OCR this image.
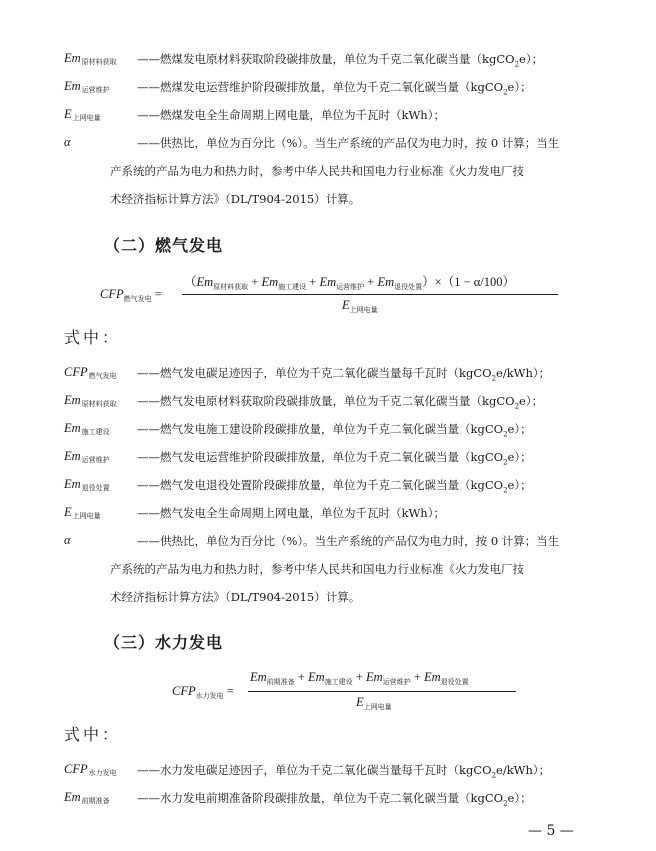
$Em_{原材料获取}$ ——燃煤发电原材料获取阶段碳排放量，单位为千克二氧化碳当量（kgCO$_2$e）；
$Em_{运营维护}$ ——燃煤发电运营维护阶段碳排放量，单位为千克二氧化碳当量（kgCO$_2$e）；
$E_{上网电量}$	——燃煤发电全生命周期上网电量，单位为千瓦时（kWh）；
α	——供热比，单位为百分比（%）。当生产系统的产品仅为电力时，按 0 计算；当生
产系统的产品为电力和热力时，参考中华人民共和国电力行业标准《火力发电厂技
术经济指标计算方法》（DL/T904-2015）计算。
（二）燃气发电
$CFP_{燃气发电}$ =
$(Em_{原材料获取} + Em_{施工建设} + Em_{运营维护} + Em_{退役处置})\times(1 - \alpha/100)$
$E_{上网电量}$
式中：
$CFP_{燃气发电}$ ——燃气发电碳足迹因子，单位为千克二氧化碳当量每千瓦时（kgCO$_2$e/kWh）；
$Em_{原材料获取}$ ——燃气发电原材料获取阶段碳排放量，单位为千克二氧化碳当量（kgCO$_2$e）；
$Em_{施工建设}$ ——燃气发电施工建设阶段碳排放量，单位为千克二氧化碳当量（kgCO$_2$e）；
$Em_{运营维护}$ ——燃气发电运营维护阶段碳排放量，单位为千克二氧化碳当量（kgCO$_2$e）；
$Em_{退役处置}$ ——燃气发电退役处置阶段碳排放量，单位为千克二氧化碳当量（kgCO$_2$e）；
$E_{上网电量}$	——燃气发电全生命周期上网电量，单位为千瓦时（kWh）；
α	——供热比，单位为百分比（%）。当生产系统的产品仅为电力时，按 0 计算；当生
产系统的产品为电力和热力时，参考中华人民共和国电力行业标准《火力发电厂技
术经济指标计算方法》（DL/T904-2015）计算。
（三）水力发电
$CFP_{水力发电}$ =
$Em_{前期准备} + Em_{施工建设} + Em_{运营维护} + Em_{退役处置}$
$E_{上网电量}$
式中：
$CFP_{水力发电}$ ——水力发电碳足迹因子，单位为千克二氧化碳当量每千瓦时（kgCO$_2$e/kWh）；
$Em_{前期准备}$ ——水力发电前期准备阶段碳排放量，单位为千克二氧化碳当量（kgCO$_2$e）；
— 5 —
